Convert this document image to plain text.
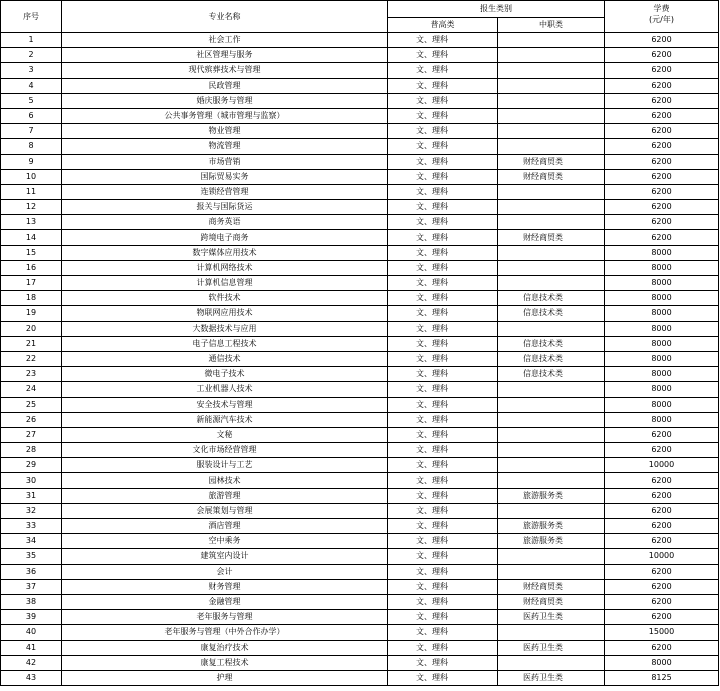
序号	专业名称	报生类别		学费
(元/年)

		普高类	中职类	
1	社会工作	文、理科		6200
2	社区管理与服务	文、理科		6200
3	现代殡葬技术与管理	文、理科		6200
4	民政管理	文、理科		6200
5	婚庆服务与管理	文、理科		6200
6	公共事务管理（城市管理与监察）	文、理科		6200
7	物业管理	文、理科		6200
8	物流管理	文、理科		6200
9	市场营销	文、理科	财经商贸类	6200
10	国际贸易实务	文、理科	财经商贸类	6200
11	连锁经营管理	文、理科		6200
12	报关与国际货运	文、理科		6200
13	商务英语	文、理科		6200
14	跨境电子商务	文、理科	财经商贸类	6200
15	数字媒体应用技术	文、理科		8000
16	计算机网络技术	文、理科		8000
17	计算机信息管理	文、理科		8000
18	软件技术	文、理科	信息技术类	8000
19	物联网应用技术	文、理科	信息技术类	8000
20	大数据技术与应用	文、理科		8000
21	电子信息工程技术	文、理科	信息技术类	8000
22	通信技术	文、理科	信息技术类	8000
23	微电子技术	文、理科	信息技术类	8000
24	工业机器人技术	文、理科		8000
25	安全技术与管理	文、理科		8000
26	新能源汽车技术	文、理科		8000
27	文秘	文、理科		6200
28	文化市场经营管理	文、理科		6200
29	服装设计与工艺	文、理科		10000
30	园林技术	文、理科		6200
31	旅游管理	文、理科	旅游服务类	6200
32	会展策划与管理	文、理科		6200
33	酒店管理	文、理科	旅游服务类	6200
34	空中乘务	文、理科	旅游服务类	6200
35	建筑室内设计	文、理科		10000
36	会计	文、理科		6200
37	财务管理	文、理科	财经商贸类	6200
38	金融管理	文、理科	财经商贸类	6200
39	老年服务与管理	文、理科	医药卫生类	6200
40	老年服务与管理（中外合作办学）	文、理科		15000
41	康复治疗技术	文、理科	医药卫生类	6200
42	康复工程技术	文、理科		8000
43	护理	文、理科	医药卫生类	8125
